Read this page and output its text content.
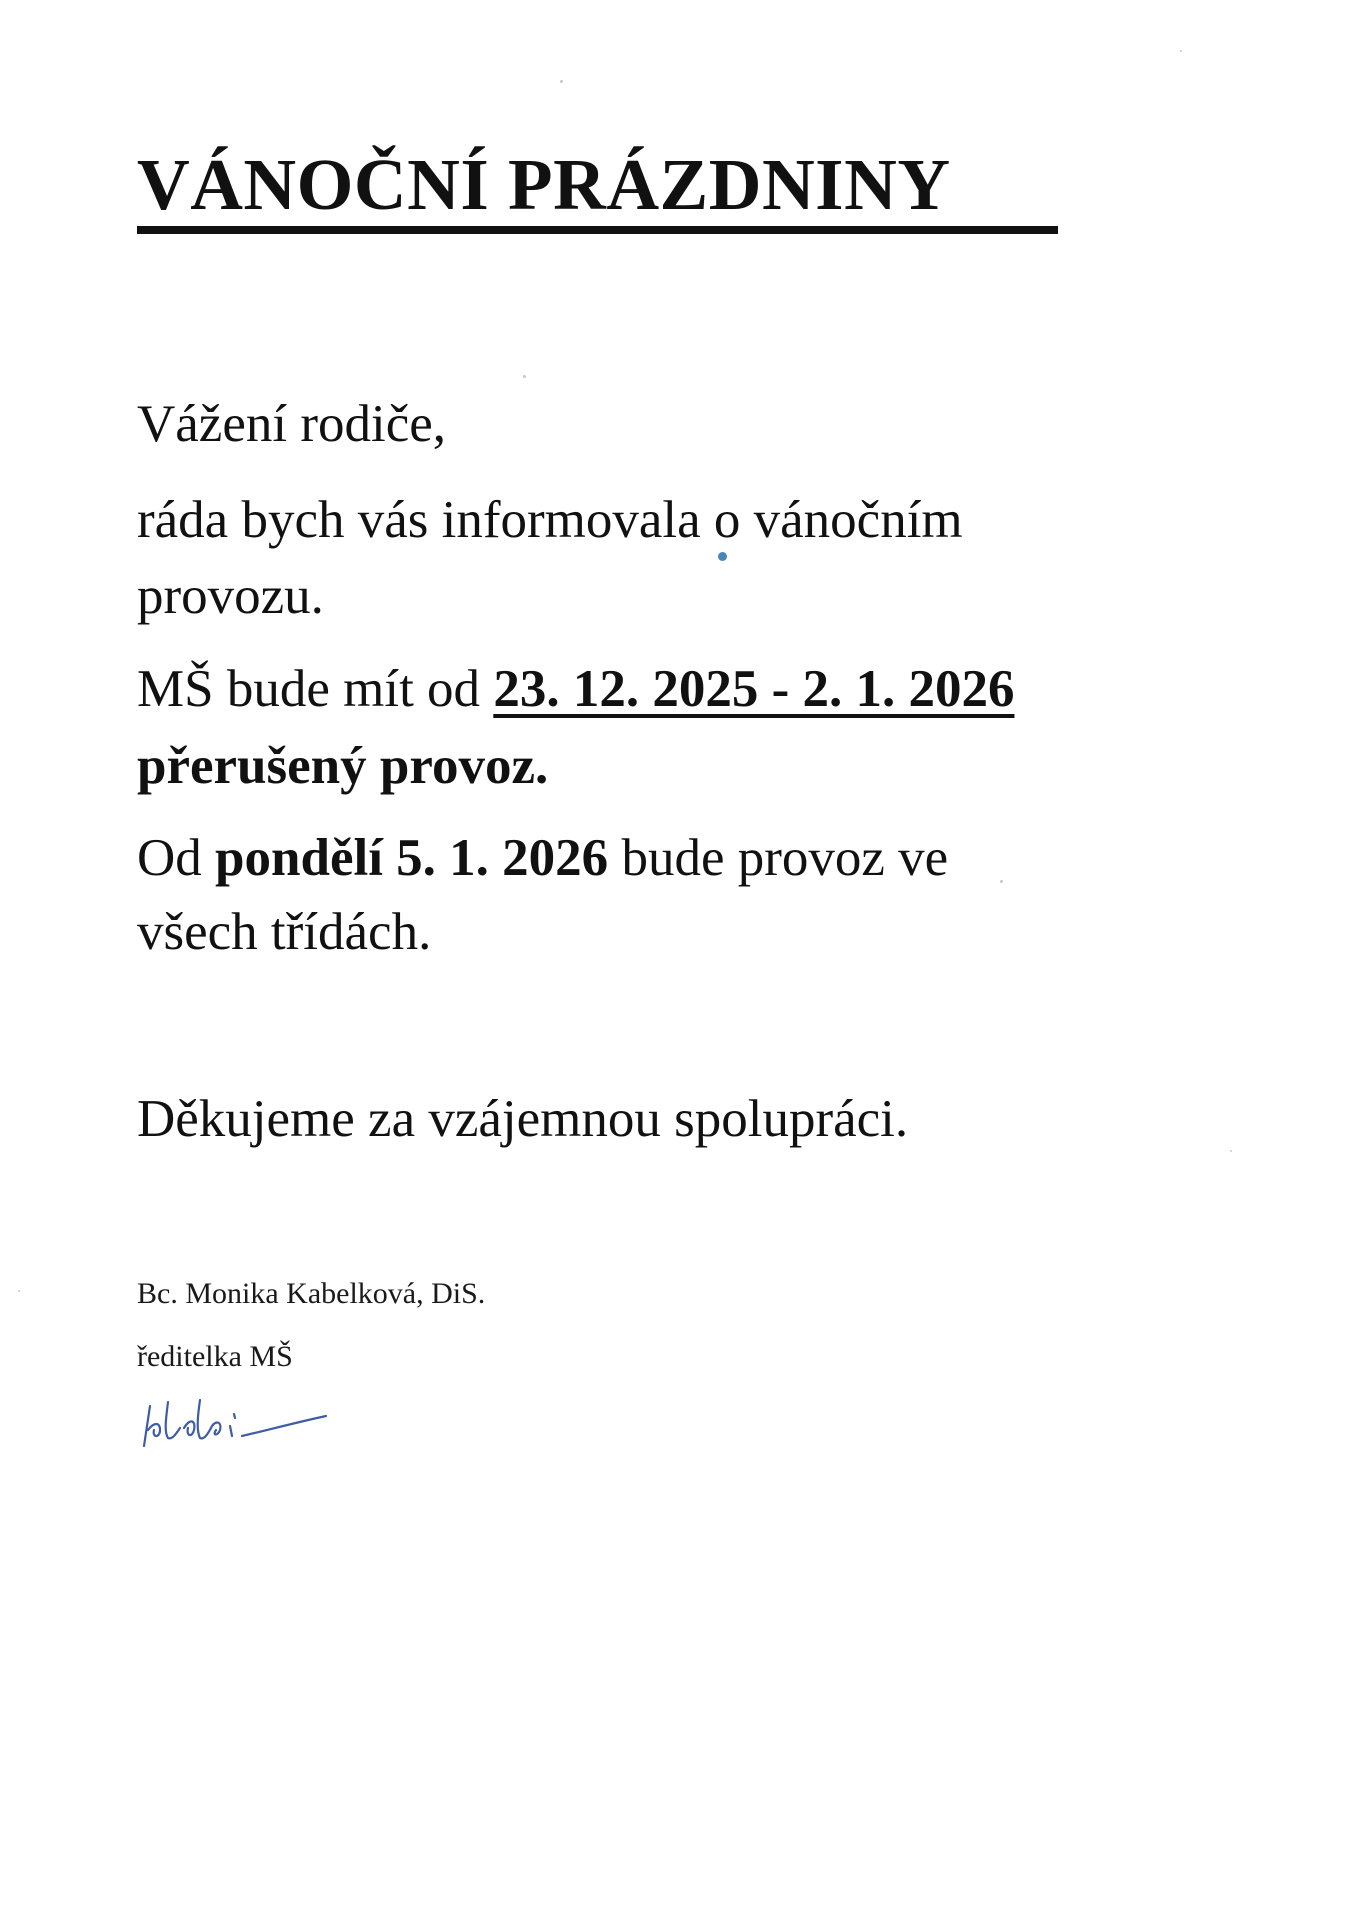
VÁNOČNÍ PRÁZDNINY
Vážení rodiče,
ráda bych vás informovala o vánočním
provozu.
MŠ bude mít od 23. 12. 2025 - 2. 1. 2026
přerušený provoz.
Od pondělí 5. 1. 2026 bude provoz ve
všech třídách.
Děkujeme za vzájemnou spolupráci.
Bc. Monika Kabelková, DiS.
ředitelka MŠ
